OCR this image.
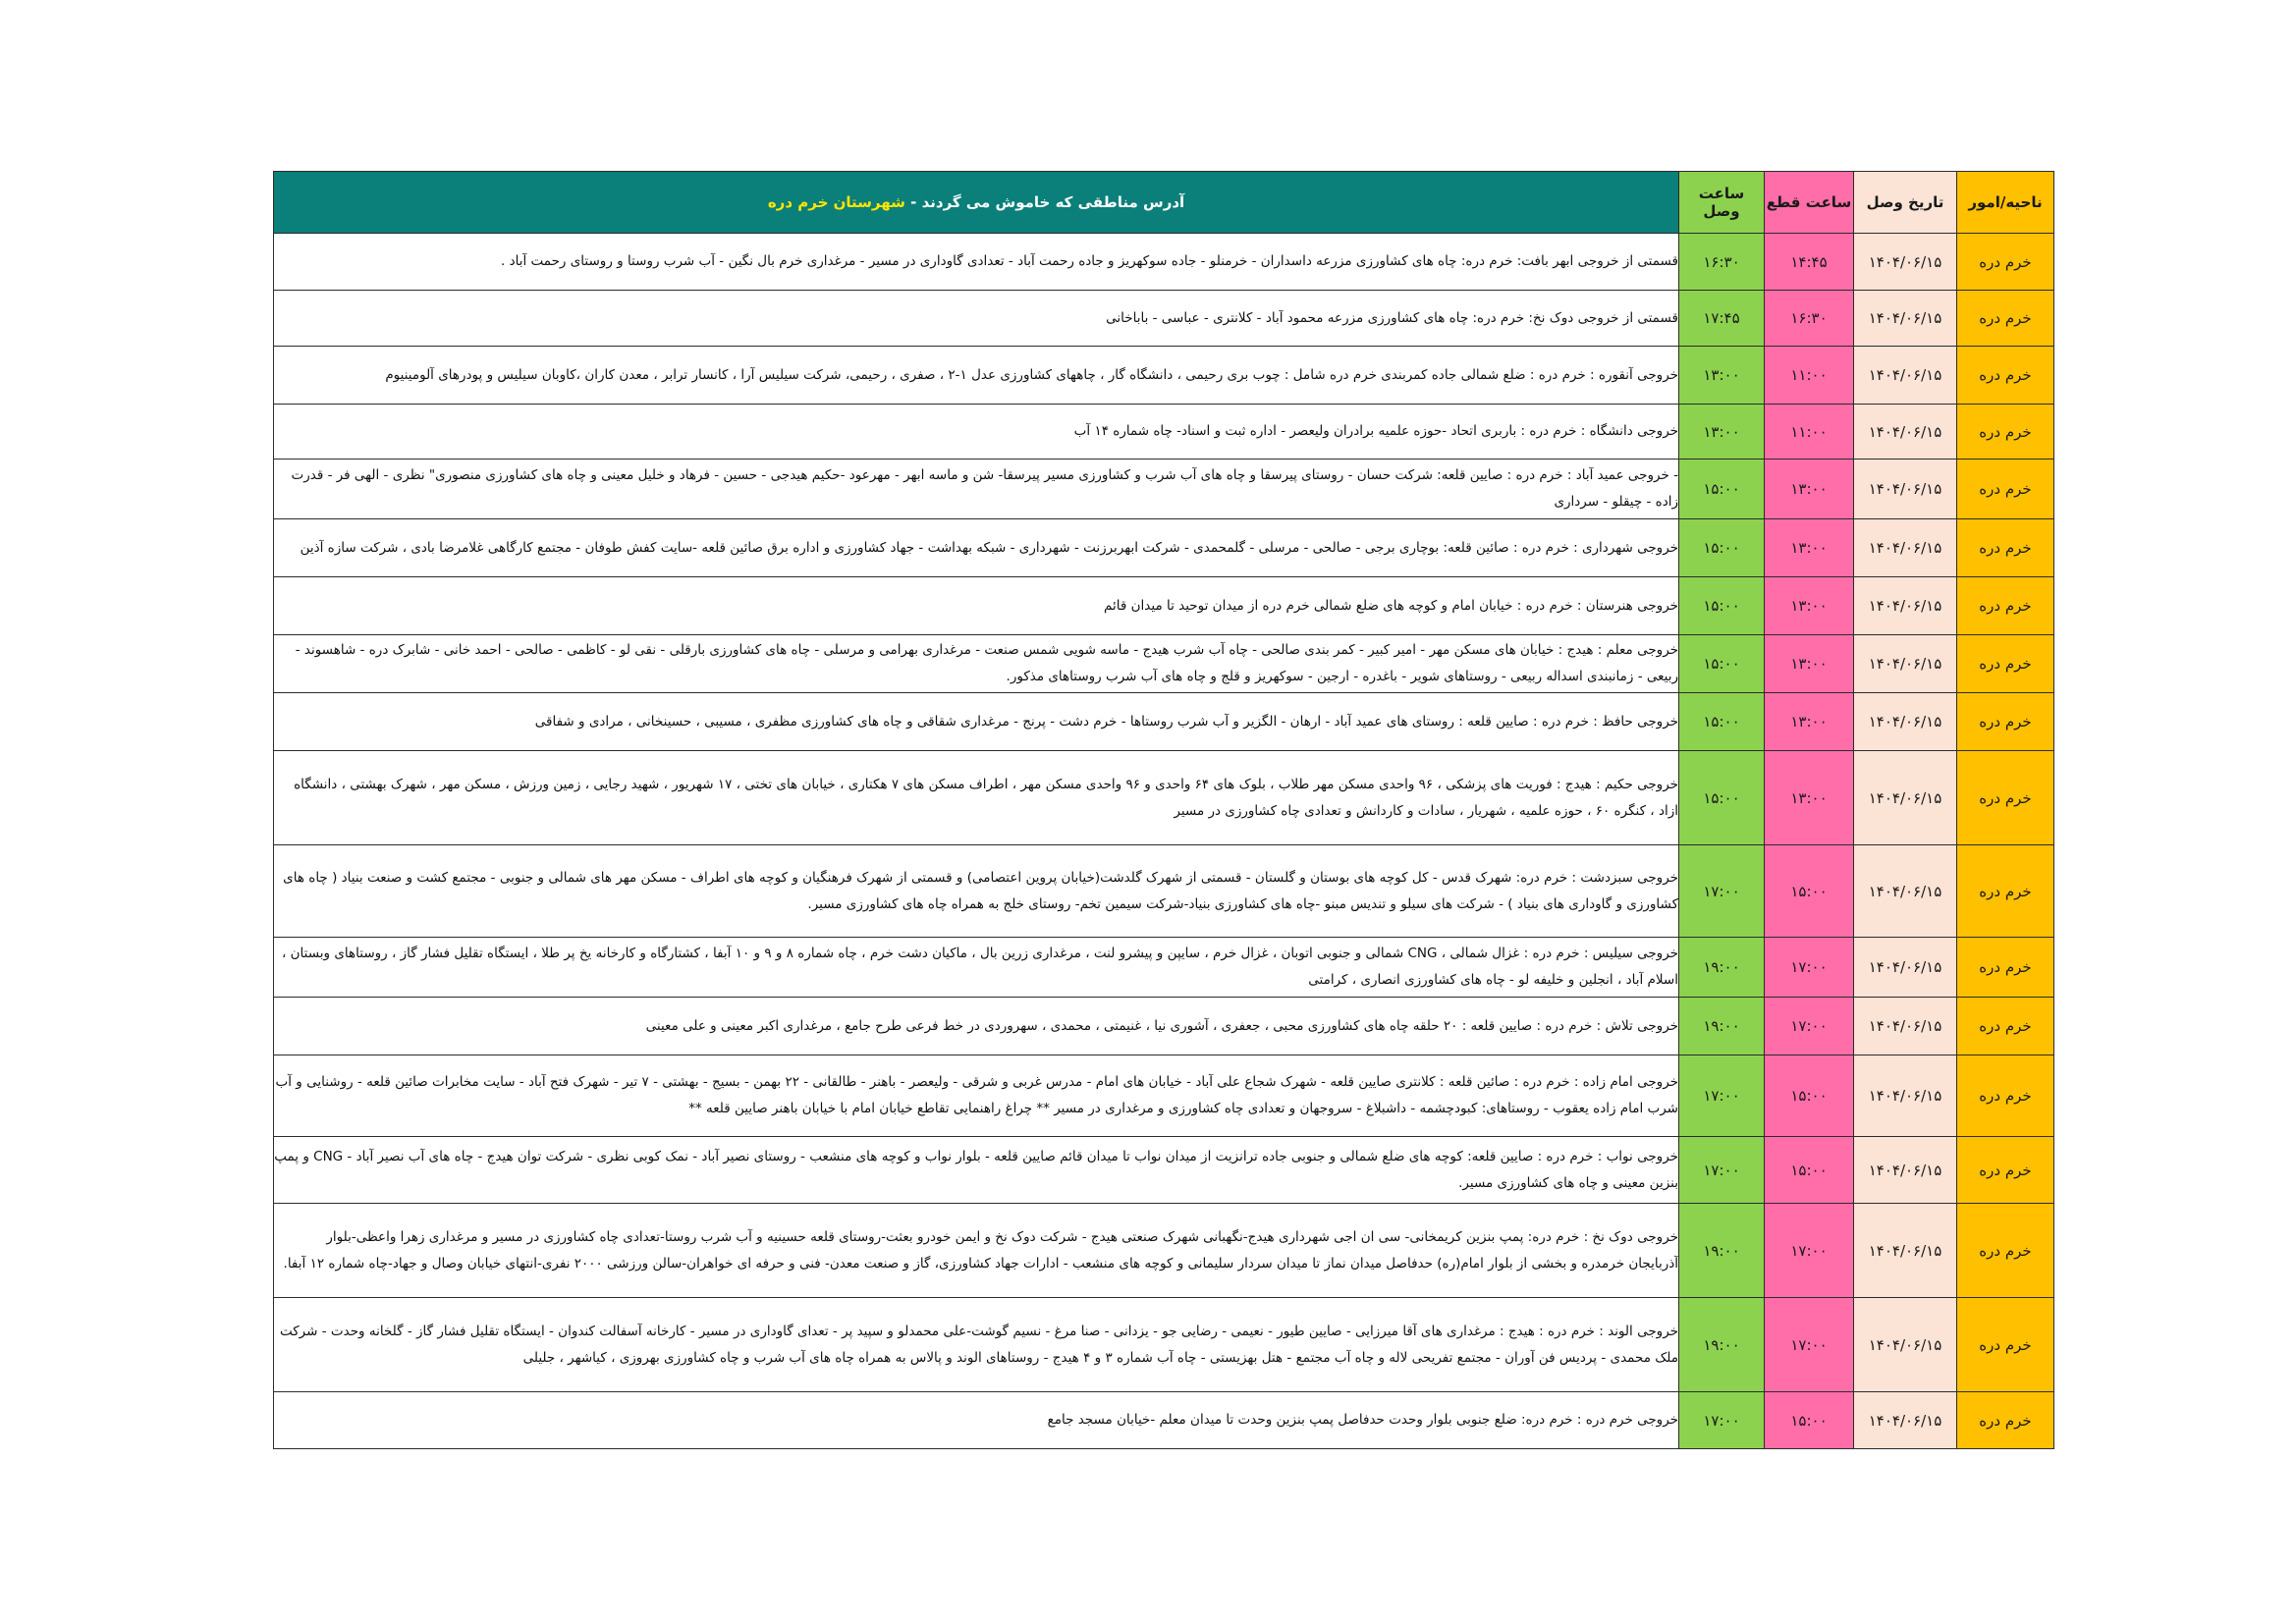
ناحیه/امور	تاریخ وصل	ساعت قطع	ساعت وصل	آدرس مناطقی که خاموش می گردند - شهرستان خرم دره
خرم دره	۱۴۰۴/۰۶/۱۵	۱۴:۴۵	۱۶:۳۰	قسمتی از خروجی ابهر بافت: خرم دره: چاه های کشاورزی مزرعه داسداران - خرمنلو - جاده سوکهریز و جاده رحمت آباد - تعدادی گاوداری در مسیر - مرغداری خرم بال نگین - آب شرب روستا و روستای رحمت آباد .
خرم دره	۱۴۰۴/۰۶/۱۵	۱۶:۳۰	۱۷:۴۵	قسمتی از خروجی دوک نخ: خرم دره: چاه های کشاورزی مزرعه محمود آباد - کلانتری - عباسی - باباخانی
خرم دره	۱۴۰۴/۰۶/۱۵	۱۱:۰۰	۱۳:۰۰	خروجی آنقوره : خرم دره : ضلع شمالی جاده کمربندی خرم دره شامل : چوب بری رحیمی ، دانشگاه گار ، چاههای کشاورزی عدل ۱-۲ ، صفری ، رحیمی، شرکت سیلیس آرا ، کانسار ترابر ، معدن کاران ،کاوبان سیلیس و پودرهای آلومینیوم
خرم دره	۱۴۰۴/۰۶/۱۵	۱۱:۰۰	۱۳:۰۰	خروجی دانشگاه : خرم دره : باربری اتحاد -حوزه علمیه برادران ولیعصر - اداره ثبت و اسناد- چاه شماره ۱۴ آب
خرم دره	۱۴۰۴/۰۶/۱۵	۱۳:۰۰	۱۵:۰۰	- خروجی عمید آباد : خرم دره : صایین قلعه: شرکت حسان - روستای پیرسقا و چاه های آب شرب و کشاورزی مسیر پیرسقا- شن و ماسه ابهر - مهرعود -حکیم هیدجی - حسین - فرهاد و خلیل معینی و چاه های کشاورزی منصوری" نظری - الهی فر - قدرت زاده - چیقلو - سرداری
خرم دره	۱۴۰۴/۰۶/۱۵	۱۳:۰۰	۱۵:۰۰	خروجی شهرداری : خرم دره : صائین قلعه: بوچاری برجی - صالحی - مرسلی - گلمحمدی - شرکت ابهربرزنت - شهرداری - شبکه بهداشت - جهاد کشاورزی و اداره برق صائین قلعه -سایت کفش طوفان - مجتمع کارگاهی غلامرضا بادی ، شرکت سازه آذین
خرم دره	۱۴۰۴/۰۶/۱۵	۱۳:۰۰	۱۵:۰۰	خروجی هنرستان : خرم دره : خیابان امام و کوچه های ضلع شمالی خرم دره از میدان توحید تا میدان قائم
خرم دره	۱۴۰۴/۰۶/۱۵	۱۳:۰۰	۱۵:۰۰	خروجی معلم : هیدج : خیابان های مسکن مهر - امیر کبیر - کمر بندی صالحی - چاه آب شرب هیدج - ماسه شویی شمس صنعت - مرغداری بهرامی و مرسلی - چاه های کشاورزی بارقلی - نقی لو - کاظمی - صالحی - احمد خانی - شابرک دره - شاهسوند - ربیعی - زمانبندی اسداله ربیعی - روستاهای شویر - باغدره - ارجین - سوکهریز و قلج و چاه های آب شرب روستاهای مذکور.
خرم دره	۱۴۰۴/۰۶/۱۵	۱۳:۰۰	۱۵:۰۰	خروجی حافظ : خرم دره : صایین قلعه : روستای های عمید آباد - ارهان - الگزیر و آب شرب روستاها - خرم دشت - پرنج - مرغداری شقاقی و چاه های کشاورزی مظفری ، مسیبی ، حسینخانی ، مرادی و شفاقی
خرم دره	۱۴۰۴/۰۶/۱۵	۱۳:۰۰	۱۵:۰۰	خروجی حکیم : هیدج : فوریت های پزشکی ، ۹۶ واحدی مسکن مهر طلاب ، بلوک های ۶۴ واحدی و ۹۶ واحدی مسکن مهر ، اطراف مسکن های ۷ هکتاری ، خیابان های تختی ، ۱۷ شهریور ، شهید رجایی ، زمین ورزش ، مسکن مهر ، شهرک بهشتی ، دانشگاه ازاد ، کنگره ۶۰ ، حوزه علمیه ، شهریار ، سادات و کاردانش و تعدادی چاه کشاورزی در مسیر
خرم دره	۱۴۰۴/۰۶/۱۵	۱۵:۰۰	۱۷:۰۰	خروجی سبزدشت : خرم دره: شهرک قدس - کل کوچه های بوستان و گلستان - قسمتی از شهرک گلدشت(خیابان پروین اعتصامی) و قسمتی از شهرک فرهنگیان و کوچه های اطراف - مسکن مهر های شمالی و جنوبی - مجتمع کشت و صنعت بنیاد ( چاه های کشاورزی و گاوداری های بنیاد ) - شرکت های سیلو و تندیس مبنو -چاه های کشاورزی بنیاد-شرکت سیمین تخم- روستای خلج به همراه چاه های کشاورزی مسیر.
خرم دره	۱۴۰۴/۰۶/۱۵	۱۷:۰۰	۱۹:۰۰	خروجی سیلیس : خرم دره : غزال شمالی ، CNG شمالی و جنوبی اتوبان ، غزال خرم ، سایپن و پیشرو لنت ، مرغداری زرین بال ، ماکیان دشت خرم ، چاه شماره ۸ و ۹ و ۱۰ آبفا ، کشتارگاه و کارخانه یخ پر طلا ، ایستگاه تقلیل فشار گاز ، روستاهای وبستان ، اسلام آباد ، انجلین و خلیفه لو - چاه های کشاورزی انصاری ، کرامتی
خرم دره	۱۴۰۴/۰۶/۱۵	۱۷:۰۰	۱۹:۰۰	خروجی تلاش : خرم دره : صایین قلعه : ۲۰ حلقه چاه های کشاورزی محبی ، جعفری ، آشوری نیا ، غنیمتی ، محمدی ، سهروردی در خط فرعی طرح جامع ، مرغداری اکبر معینی و علی معینی
خرم دره	۱۴۰۴/۰۶/۱۵	۱۵:۰۰	۱۷:۰۰	خروجی امام زاده : خرم دره : صائین قلعه : کلانتری صایین قلعه - شهرک شجاع علی آباد - خیابان های امام - مدرس غربی و شرقی - ولیعصر - باهنر - طالقانی - ۲۲ بهمن - بسیج - بهشتی - ۷ تیر - شهرک فتح آباد - سایت مخابرات صائین قلعه - روشنایی و آب شرب امام زاده یعقوب - روستاهای: کبودچشمه - داشبلاغ - سروجهان و تعدادی چاه کشاورزی و مرغداری در مسیر ** چراغ راهنمایی تقاطع خیابان امام با خیابان باهنر صایین قلعه **
خرم دره	۱۴۰۴/۰۶/۱۵	۱۵:۰۰	۱۷:۰۰	خروجی نواب : خرم دره : صایین قلعه: کوچه های ضلع شمالی و جنوبی جاده ترانزیت از میدان نواب تا میدان قائم صایین قلعه - بلوار نواب و کوچه های منشعب - روستای نصیر آباد - نمک کوبی نظری - شرکت توان هیدج - چاه های آب نصیر آباد - CNG و پمپ بنزین معینی و چاه های کشاورزی مسیر.
خرم دره	۱۴۰۴/۰۶/۱۵	۱۷:۰۰	۱۹:۰۰	خروجی دوک نخ : خرم دره: پمپ بنزین کریمخانی- سی ان اجی شهرداری هیدج-نگهبانی شهرک صنعتی هیدج - شرکت دوک نخ و ایمن خودرو بعثت-روستای قلعه حسینیه و آب شرب روستا-تعدادی چاه کشاورزی در مسیر و مرغداری زهرا واعظی-بلوار آذربایجان خرمدره و بخشی از بلوار امام(ره) حدفاصل میدان نماز تا میدان سردار سلیمانی و کوچه های منشعب - ادارات جهاد کشاورزی، گاز و صنعت معدن- فنی و حرفه ای خواهران-سالن ورزشی ۲۰۰۰ نفری-انتهای خیابان وصال و جهاد-چاه شماره ۱۲ آبفا.
خرم دره	۱۴۰۴/۰۶/۱۵	۱۷:۰۰	۱۹:۰۰	خروجی الوند : خرم دره : هیدج : مرغداری های آقا میرزایی - صایین طیور - نعیمی - رضایی جو - یزدانی - صنا مرغ - نسیم گوشت-علی محمدلو و سپید پر - تعدای گاوداری در مسیر - کارخانه آسفالت کندوان - ایستگاه تقلیل فشار گاز - گلخانه وحدت - شرکت ملک محمدی - پردیس فن آوران - مجتمع تفریحی لاله و چاه آب مجتمع - هتل بهزیستی - چاه آب شماره ۳ و ۴ هیدج - روستاهای الوند و پالاس به همراه چاه های آب شرب و چاه کشاورزی بهروزی ، کیاشهر ، جلیلی
خرم دره	۱۴۰۴/۰۶/۱۵	۱۵:۰۰	۱۷:۰۰	خروجی خرم دره : خرم دره: ضلع جنوبی بلوار وحدت حدفاصل پمپ بنزین وحدت تا میدان معلم -خیابان مسجد جامع
